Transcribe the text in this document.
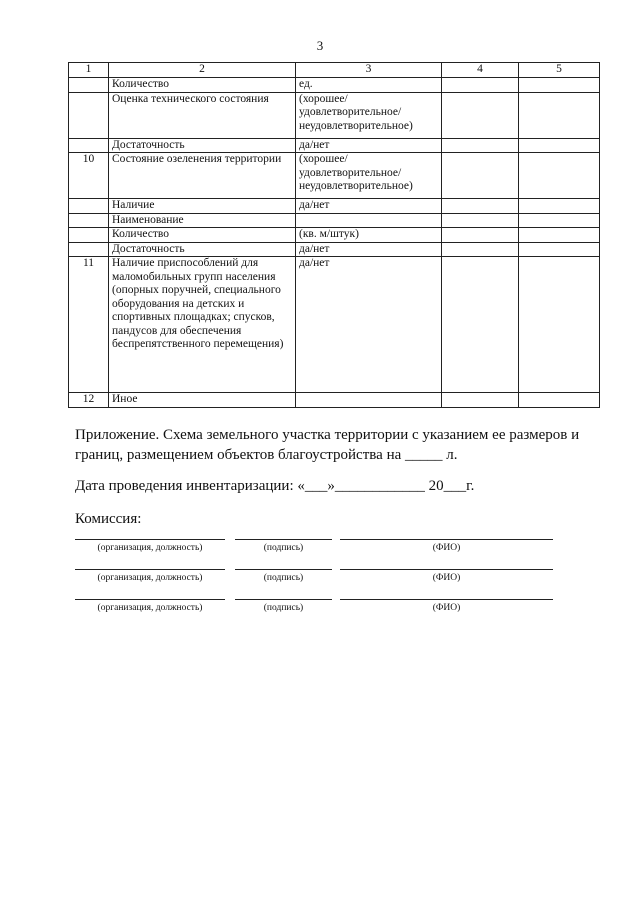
3
1	2	3	4	5
	Количество	ед.		
	Оценка технического состояния	(хорошее/ удовлетворительное/ неудовлетворительное)		
	Достаточность	да/нет		
10	Состояние озеленения территории	(хорошее/ удовлетворительное/ неудовлетворительное)		
	Наличие	да/нет		
	Наименование			
	Количество	(кв. м/штук)		
	Достаточность	да/нет		
11	Наличие приспособлений для маломобильных групп населения (опорных поручней, специального оборудования на детских и спортивных площадках; спусков, пандусов для обеспечения беспрепятственного перемещения)	да/нет		
12	Иное			
Приложение. Схема земельного участка территории с указанием ее размеров и границ, размещением объектов благоустройства на _____ л.
Дата проведения инвентаризации: «___»____________ 20___г.
Комиссия:
(организация, должность)	(подпись)	(ФИО)
(организация, должность)	(подпись)	(ФИО)
(организация, должность)	(подпись)	(ФИО)
